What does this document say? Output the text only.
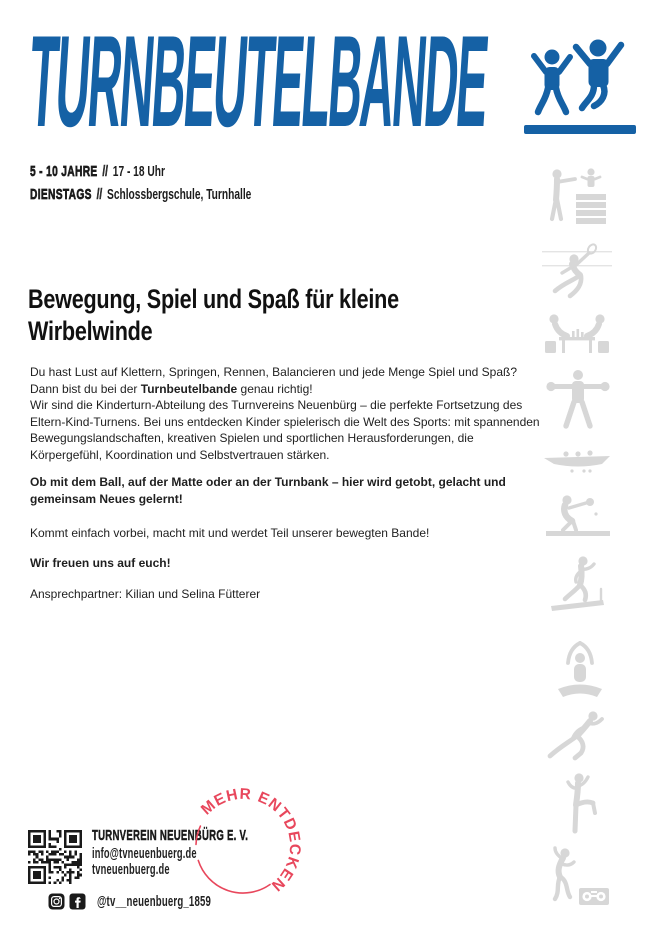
TURNBEUTELBANDE
5 - 10 JAHRE // 17 - 18 Uhr
DIENSTAGS // Schlossbergschule, Turnhalle
Bewegung, Spiel und Spaß für kleine Wirbelwinde

Du hast Lust auf Klettern, Springen, Rennen, Balancieren und jede Menge Spiel und Spaß?
Dann bist du bei der Turnbeutelbande genau richtig!
Wir sind die Kinderturn-Abteilung des Turnvereins Neuenbürg – die perfekte Fortsetzung des Eltern-Kind-Turnens. Bei uns entdecken Kinder spielerisch die Welt des Sports: mit spannenden Bewegungslandschaften, kreativen Spielen und sportlichen Herausforderungen, die Körpergefühl, Koordination und Selbstvertrauen stärken.

Ob mit dem Ball, auf der Matte oder an der Turnbank – hier wird getobt, gelacht und gemeinsam Neues gelernt!

Kommt einfach vorbei, macht mit und werdet Teil unserer bewegten Bande!

Wir freuen uns auf euch!

Ansprechpartner: Kilian und Selina Fütterer

TURNVEREIN NEUENBÜRG E. V.
info@tvneuenbuerg.de
tvneuenbuerg.de
@tv__neuenbuerg_1859
MEHR ENTDECKEN
